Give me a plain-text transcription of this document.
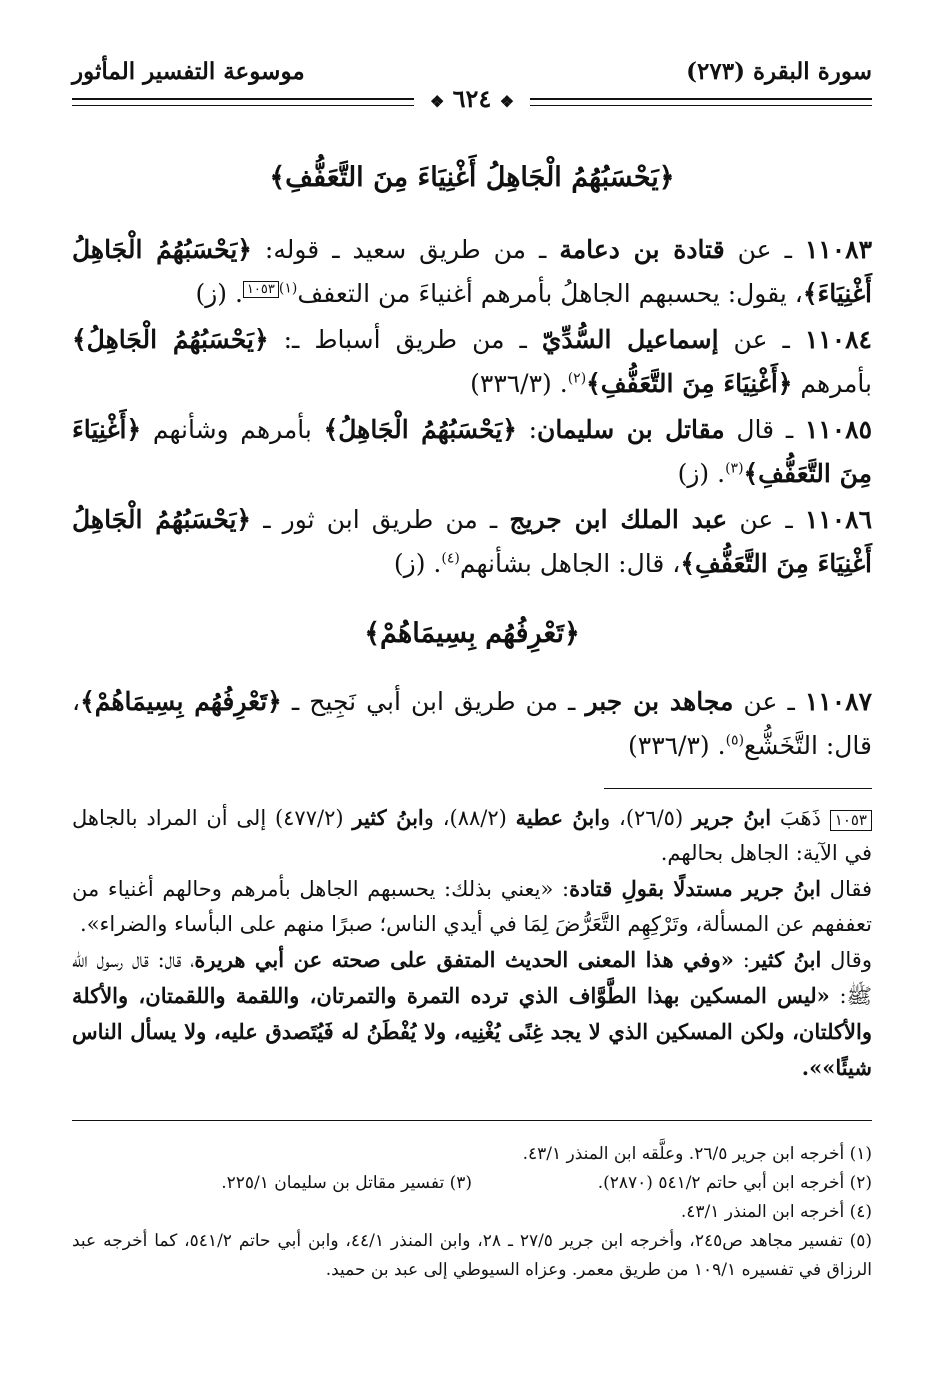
سورة البقرة (٢٧٣)
موسوعة التفسير المأثور
❖ ٦٢٤ ❖
﴿يَحْسَبُهُمُ الْجَاهِلُ أَغْنِيَاءَ مِنَ التَّعَفُّفِ﴾
١١٠٨٣ ـ عن قتادة بن دعامة ـ من طريق سعيد ـ قوله: ﴿يَحْسَبُهُمُ الْجَاهِلُ أَغْنِيَاءَ﴾، يقول: يحسبهم الجاهلُ بأمرهم أغنياءَ من التعفف$^{(١)}$١٠٥٣. (ز)
١١٠٨٤ ـ عن إسماعيل السُّدِّيّ ـ من طريق أسباط ـ: ﴿يَحْسَبُهُمُ الْجَاهِلُ﴾ بأمرهم ﴿أَغْنِيَاءَ مِنَ التَّعَفُّفِ﴾$^{(٢)}$. (٣٣٦/٣)
١١٠٨٥ ـ قال مقاتل بن سليمان: ﴿يَحْسَبُهُمُ الْجَاهِلُ﴾ بأمرهم وشأنهم ﴿أَغْنِيَاءَ مِنَ التَّعَفُّفِ﴾$^{(٣)}$. (ز)
١١٠٨٦ ـ عن عبد الملك ابن جريج ـ من طريق ابن ثور ـ ﴿يَحْسَبُهُمُ الْجَاهِلُ أَغْنِيَاءَ مِنَ التَّعَفُّفِ﴾، قال: الجاهل بشأنهم$^{(٤)}$. (ز)
﴿تَعْرِفُهُم بِسِيمَاهُمْ﴾
١١٠٨٧ ـ عن مجاهد بن جبر ـ من طريق ابن أبي نَجِيح ـ ﴿تَعْرِفُهُم بِسِيمَاهُمْ﴾، قال: التَّخَشُّع$^{(٥)}$. (٣٣٦/٣)

١٠٥٣ ذَهَبَ ابنُ جرير (٢٦/٥)، وابنُ عطية (٨٨/٢)، وابنُ كثير (٤٧٧/٢) إلى أن المراد بالجاهل في الآية: الجاهل بحالهم.

فقال ابنُ جرير مستدلًا بقولِ قتادة: «يعني بذلك: يحسبهم الجاهل بأمرهم وحالهم أغنياء من تعففهم عن المسألة، وتَرْكِهِم التَّعَرُّضَ لِمَا في أيدي الناس؛ صبرًا منهم على البأساء والضراء».

وقال ابنُ كثير: «وفي هذا المعنى الحديث المتفق على صحته عن أبي هريرة، قال: قال رسول الله ﷺ: «ليس المسكين بهذا الطَّوَّاف الذي ترده التمرة والتمرتان، واللقمة واللقمتان، والأكلة والأكلتان، ولكن المسكين الذي لا يجد غِنًى يُغْنِيه، ولا يُفْطَنُ له فَيُتَصدق عليه، ولا يسأل الناس شيئًا»».

(١) أخرجه ابن جرير ٢٦/٥. وعلَّقه ابن المنذر ٤٣/١.

(٢) أخرجه ابن أبي حاتم ٥٤١/٢ (٢٨٧٠).
(٣) تفسير مقاتل بن سليمان ٢٢٥/١.

(٤) أخرجه ابن المنذر ٤٣/١.

(٥) تفسير مجاهد ص٢٤٥، وأخرجه ابن جرير ٢٧/٥ ـ ٢٨، وابن المنذر ٤٤/١، وابن أبي حاتم ٥٤١/٢، كما أخرجه عبد الرزاق في تفسيره ١٠٩/١ من طريق معمر. وعزاه السيوطي إلى عبد بن حميد.
